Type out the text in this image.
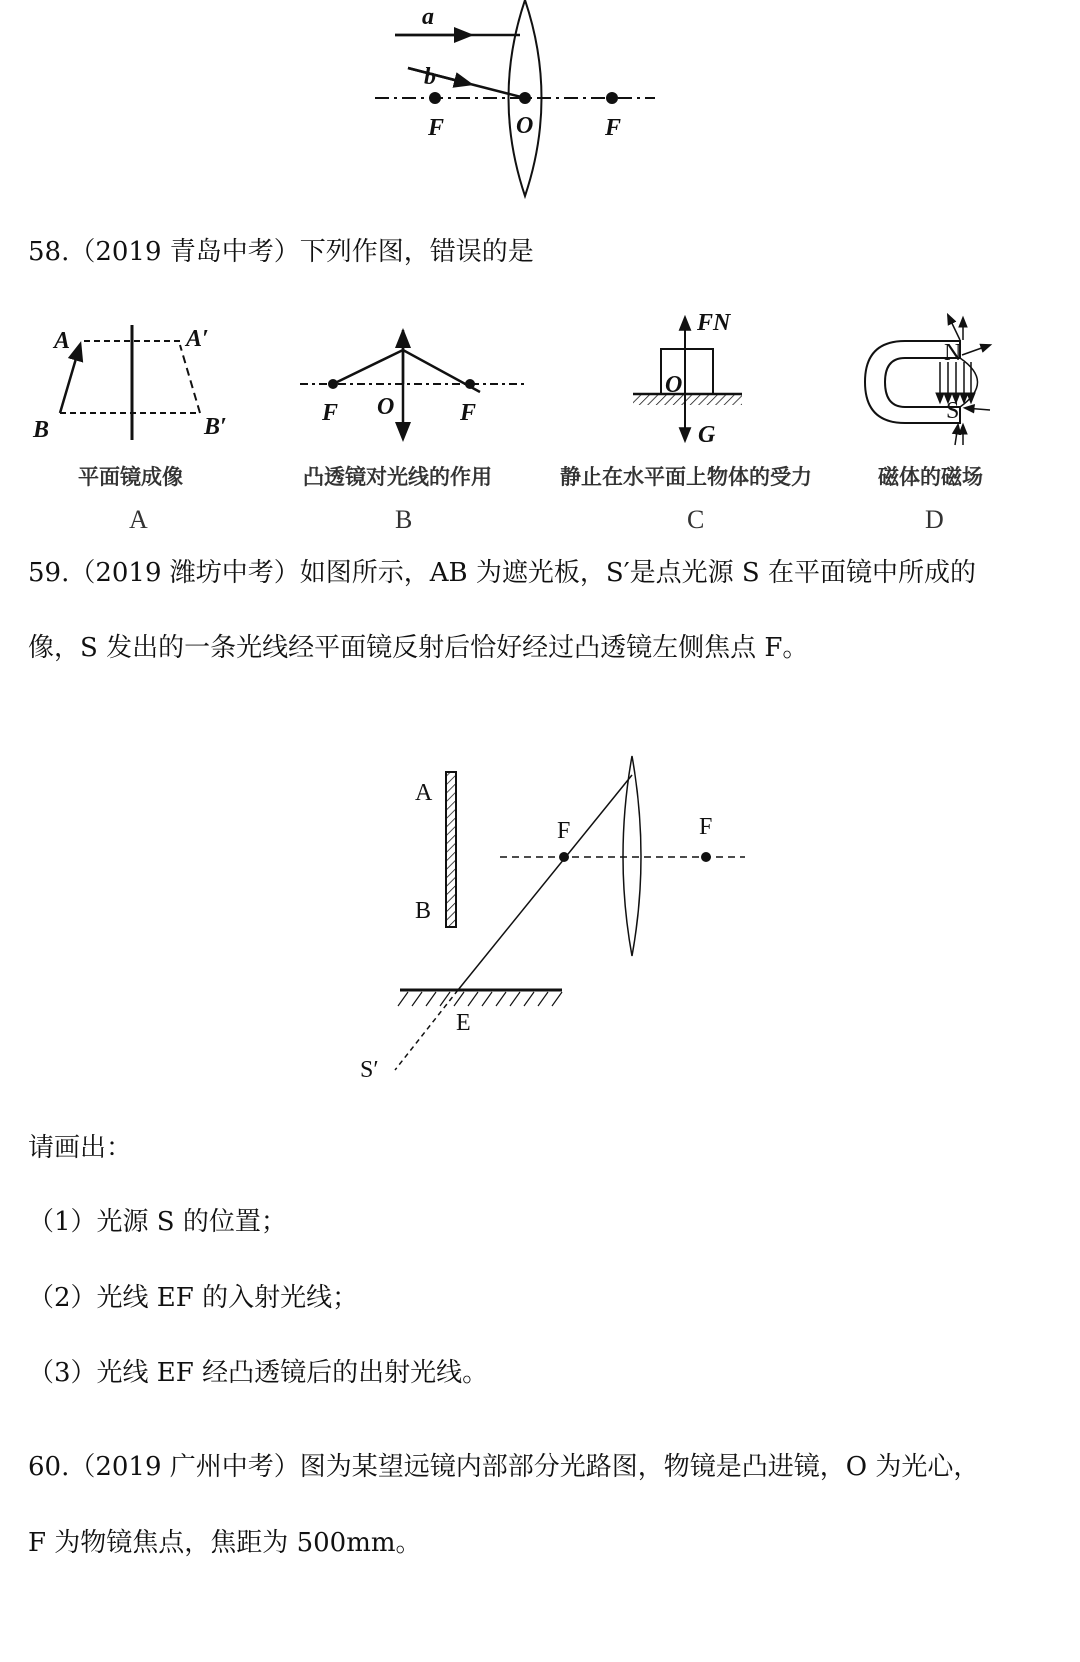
a
b
F	O	F
A	A′
B	B′
平面镜成像
A
F O	F
凸透镜对光线的作用
B
FN
O
G
静止在水平面上物体的受力
C
N
S
磁体的磁场
D
A
B
F	F
E
S′
58.（2019 青岛中考）下列作图，错误的是
59.（2019 潍坊中考）如图所示，AB 为遮光板，S′是点光源 S 在平面镜中所成的
像，S 发出的一条光线经平面镜反射后恰好经过凸透镜左侧焦点 F。
请画出：
（1）光源 S 的位置；
（2）光线 EF 的入射光线；
（3）光线 EF 经凸透镜后的出射光线。
60.（2019 广州中考）图为某望远镜内部部分光路图，物镜是凸进镜，O 为光心，
F 为物镜焦点，焦距为 500mm。
